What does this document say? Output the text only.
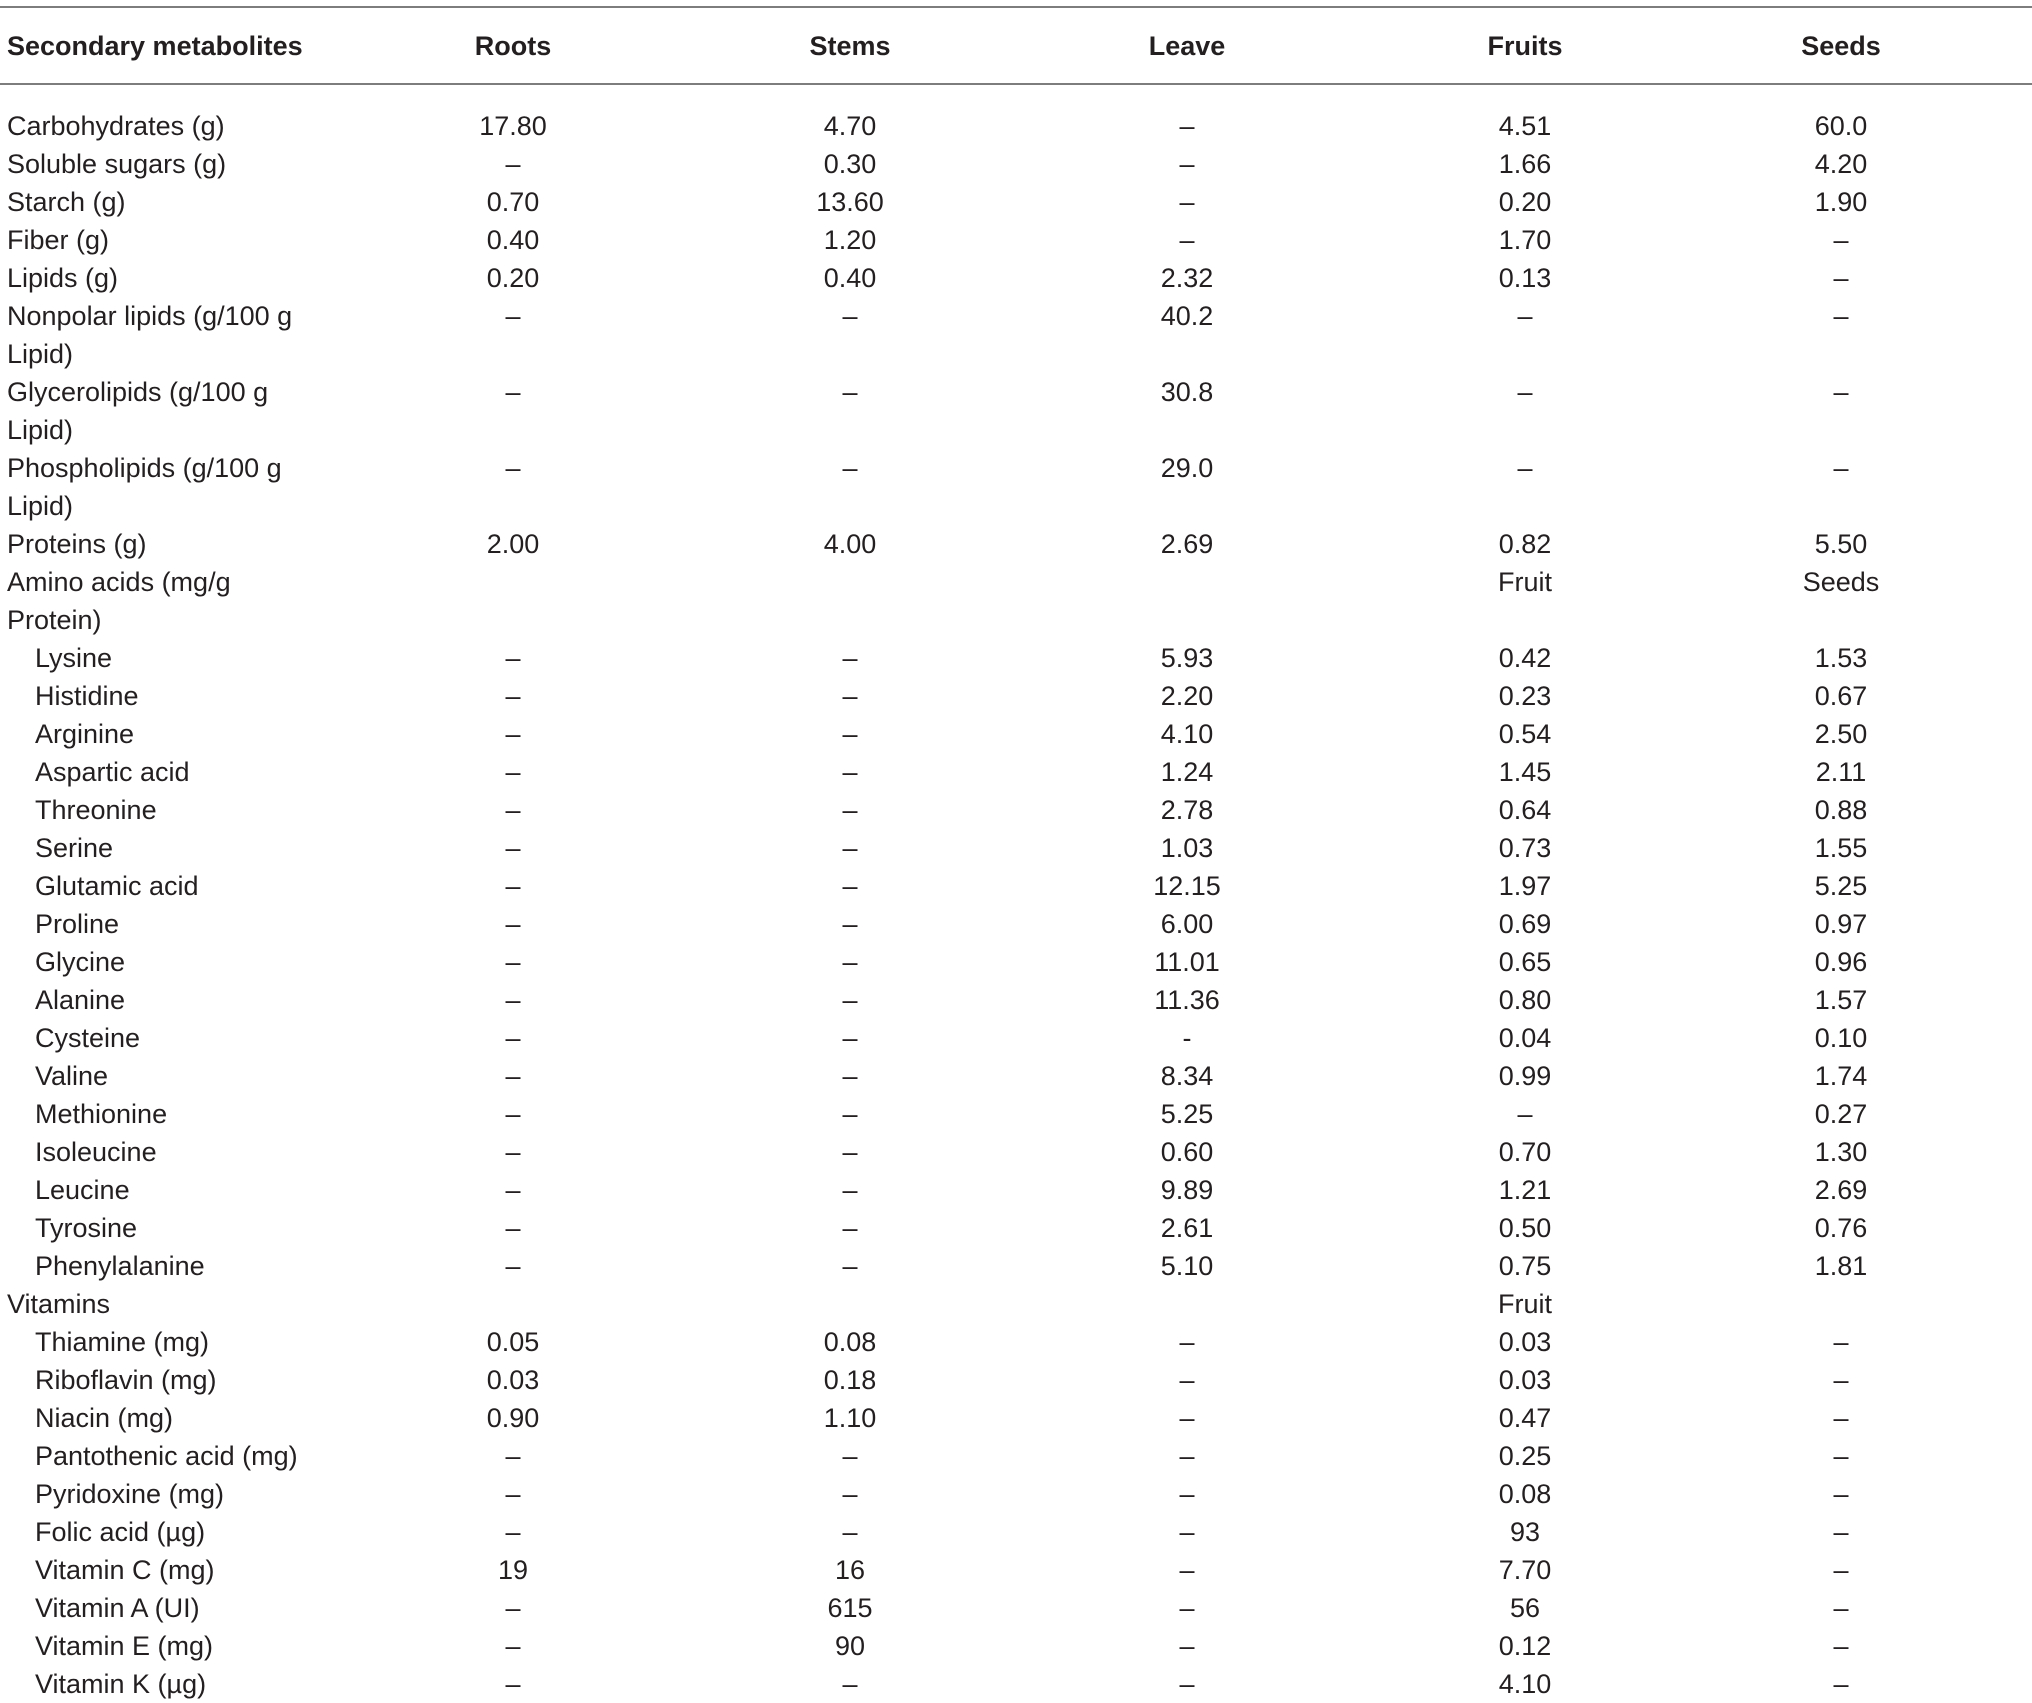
Secondary metabolites	Roots	Stems	Leave	Fruits	Seeds

Carbohydrates (g)	17.80	4.70	–	4.51	60.0

Soluble sugars (g)	–	0.30	–	1.66	4.20

Starch (g)	0.70	13.60	–	0.20	1.90

Fiber (g)	0.40	1.20	–	1.70	–

Lipids (g)	0.20	0.40	2.32	0.13	–

Nonpolar lipids (g/100 g
Lipid)	–	–	40.2	–	–

Glycerolipids (g/100 g
Lipid)	–	–	30.8	–	–

Phospholipids (g/100 g
Lipid)	–	–	29.0	–	–

Proteins (g)	2.00	4.00	2.69	0.82	5.50

Amino acids (mg/g
Protein)				Fruit	Seeds

Lysine	–	–	5.93	0.42	1.53

Histidine	–	–	2.20	0.23	0.67

Arginine	–	–	4.10	0.54	2.50

Aspartic acid	–	–	1.24	1.45	2.11

Threonine	–	–	2.78	0.64	0.88

Serine	–	–	1.03	0.73	1.55

Glutamic acid	–	–	12.15	1.97	5.25

Proline	–	–	6.00	0.69	0.97

Glycine	–	–	11.01	0.65	0.96

Alanine	–	–	11.36	0.80	1.57

Cysteine	–	–	-	0.04	0.10

Valine	–	–	8.34	0.99	1.74

Methionine	–	–	5.25	–	0.27

Isoleucine	–	–	0.60	0.70	1.30

Leucine	–	–	9.89	1.21	2.69

Tyrosine	–	–	2.61	0.50	0.76

Phenylalanine	–	–	5.10	0.75	1.81

Vitamins				Fruit	

Thiamine (mg)	0.05	0.08	–	0.03	–

Riboflavin (mg)	0.03	0.18	–	0.03	–

Niacin (mg)	0.90	1.10	–	0.47	–

Pantothenic acid (mg)	–	–	–	0.25	–

Pyridoxine (mg)	–	–	–	0.08	–

Folic acid (µg)	–	–	–	93	–

Vitamin C (mg)	19	16	–	7.70	–

Vitamin A (UI)	–	615	–	56	–

Vitamin E (mg)	–	90	–	0.12	–

Vitamin K (µg)	–	–	–	4.10	–
